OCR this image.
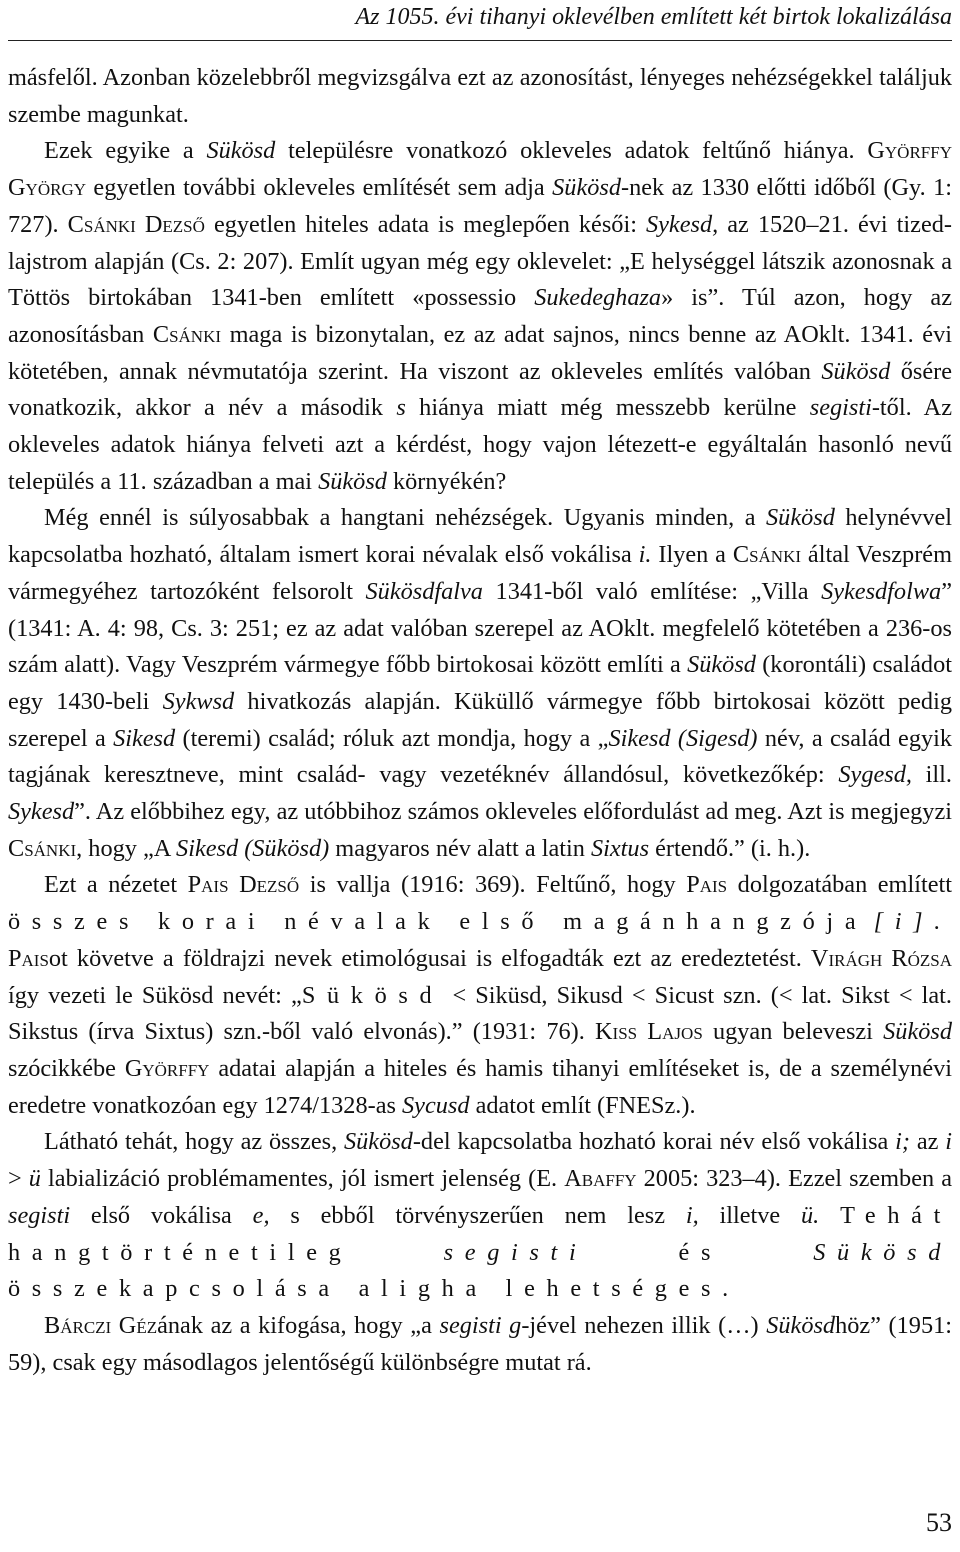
Az 1055. évi tihanyi oklevélben említett két birtok lokalizálása

másfelől. Azonban közelebbről megvizsgálva ezt az azonosítást, lényeges nehézségekkel találjuk szembe magunkat.

Ezek egyike a Sükösd településre vonatkozó okleveles adatok feltűnő hiánya. Györffy György egyetlen további okleveles említését sem adja Sükösd-nek az 1330 előtti időből (Gy. 1: 727). Csánki Dezső egyetlen hiteles adata is meglepően késői: Sykesd, az 1520–21. évi tized-lajstrom alapján (Cs. 2: 207). Említ ugyan még egy oklevelet: „E helységgel látszik azonosnak a Töttös birtokában 1341-ben említett «possessio Sukedeghaza» is”. Túl azon, hogy az azonosításban Csánki maga is bizonytalan, ez az adat sajnos, nincs benne az AOklt. 1341. évi kötetében, annak névmutatója szerint. Ha viszont az okleveles említés valóban Sükösd ősére vonatkozik, akkor a név a második s hiánya miatt még messzebb kerülne segisti-től. Az okleveles adatok hiánya felveti azt a kérdést, hogy vajon létezett-e egyáltalán hasonló nevű település a 11. században a mai Sükösd környékén?

Még ennél is súlyosabbak a hangtani nehézségek. Ugyanis minden, a Sükösd helynévvel kapcsolatba hozható, általam ismert korai névalak első vokálisa i. Ilyen a Csánki által Veszprém vármegyéhez tartozóként felsorolt Sükösdfalva 1341-ből való említése: „Villa Sykesdfolwa” (1341: A. 4: 98, Cs. 3: 251; ez az adat valóban szerepel az AOklt. megfelelő kötetében a 236-os szám alatt). Vagy Veszprém vármegye főbb birtokosai között említi a Sükösd (korontáli) családot egy 1430-beli Sykwsd hivatkozás alapján. Küküllő vármegye főbb birtokosai között pedig szerepel a Sikesd (teremi) család; róluk azt mondja, hogy a „Sikesd (Sigesd) név, a család egyik tagjának keresztneve, mint család- vagy vezetéknév állandósul, következőkép: Sygesd, ill. Sykesd”. Az előbbihez egy, az utóbbihoz számos okleveles előfordulást ad meg. Azt is megjegyzi Csánki, hogy „A Sikesd (Sükösd) magyaros név alatt a latin Sixtus értendő.” (i. h.).

Ezt a nézetet Pais Dezső is vallja (1916: 369). Feltűnő, hogy Pais dolgozatában említett összes korai névalak első magánhangzója [i]. Paisot követve a földrajzi nevek etimológusai is elfogadták ezt az eredeztetést. Virágh Rózsa így vezeti le Sükösd nevét: „Sükösd < Siküsd, Sikusd < Sicust szn. (< lat. Sikst < lat. Sikstus (írva Sixtus) szn.-ből való elvonás).” (1931: 76). Kiss Lajos ugyan beleveszi Sükösd szócikkébe Györffy adatai alapján a hiteles és hamis tihanyi említéseket is, de a személynévi eredetre vonatkozóan egy 1274/1328-as Sycusd adatot említ (FNESz.).

Látható tehát, hogy az összes, Sükösd-del kapcsolatba hozható korai név első vokálisa i; az i > ü labializáció problémamentes, jól ismert jelenség (E. Abaffy 2005: 323–4). Ezzel szemben a segisti első vokálisa e, s ebből törvényszerűen nem lesz i, illetve ü. Tehát hangtörténetileg	segisti	és	Sükösd összekapcsolása aligha lehetséges.

Bárczi Gézának az a kifogása, hogy „a segisti g-jével nehezen illik (…) Sükösdhöz” (1951: 59), csak egy másodlagos jelentőségű különbségre mutat rá.

53
